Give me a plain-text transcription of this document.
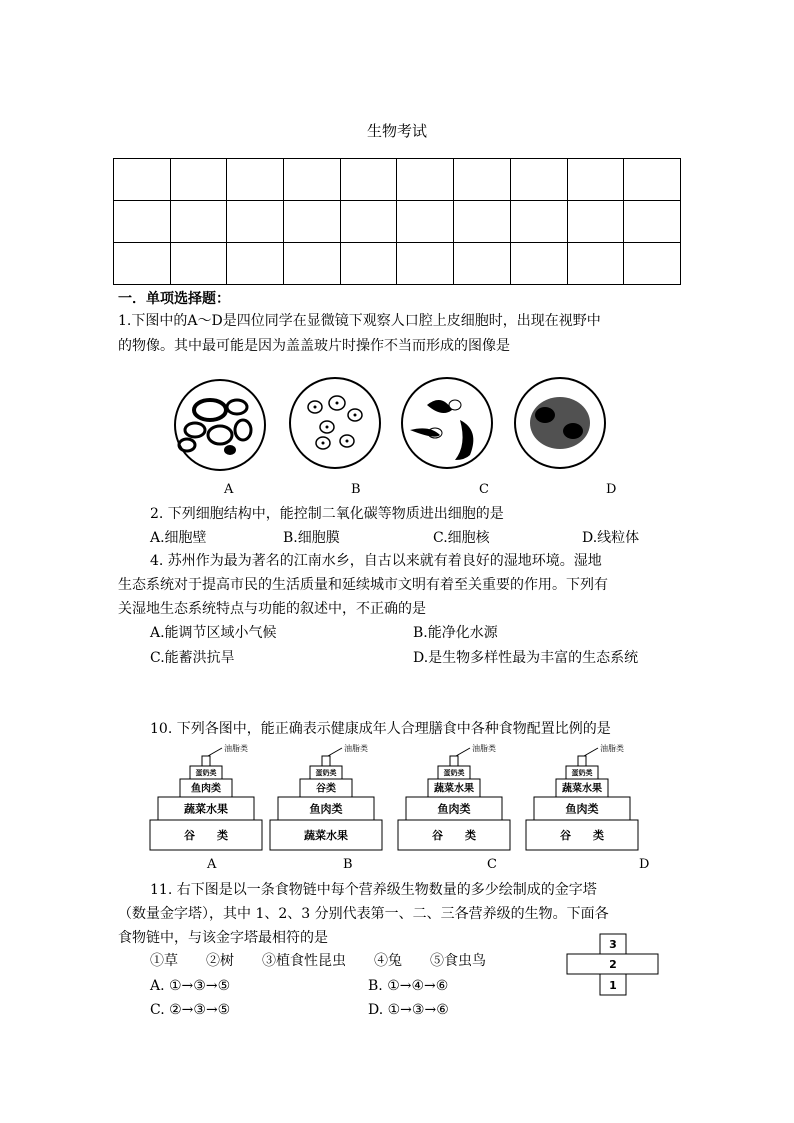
生物考试

一．单项选择题：
1.下图中的A～D是四位同学在显微镜下观察人口腔上皮细胞时，出现在视野中
的物像。其中最可能是因为盖盖玻片时操作不当而形成的图像是
A	B	C	D
2. 下列细胞结构中，能控制二氧化碳等物质进出细胞的是
A.细胞壁	B.细胞膜	C.细胞核	D.线粒体
4. 苏州作为最为著名的江南水乡，自古以来就有着良好的湿地环境。湿地
生态系统对于提高市民的生活质量和延续城市文明有着至关重要的作用。下列有
关湿地生态系统特点与功能的叙述中，不正确的是
A.能调节区域小气候	B.能净化水源
C.能蓄洪抗旱	D.是生物多样性最为丰富的生态系统
10. 下列各图中，能正确表示健康成年人合理膳食中各种食物配置比例的是
谷　　类
蔬菜水果
鱼肉类
蛋奶类
油脂类
蔬菜水果
鱼肉类
谷类
蛋奶类
油脂类
谷　　类
鱼肉类
蔬菜水果
蛋奶类
油脂类
谷　　类
鱼肉类
蔬菜水果
蛋奶类
油脂类
A	B	C	D
11. 右下图是以一条食物链中每个营养级生物数量的多少绘制成的金字塔
（数量金字塔），其中 1、2、3 分别代表第一、二、三各营养级的生物。下面各
食物链中，与该金字塔最相符的是
①草　　②树　　③植食性昆虫　　④兔　　⑤食虫鸟
A. ①→③→⑤	B. ①→④→⑥
C. ②→③→⑤	D. ①→③→⑥
3
2
1
